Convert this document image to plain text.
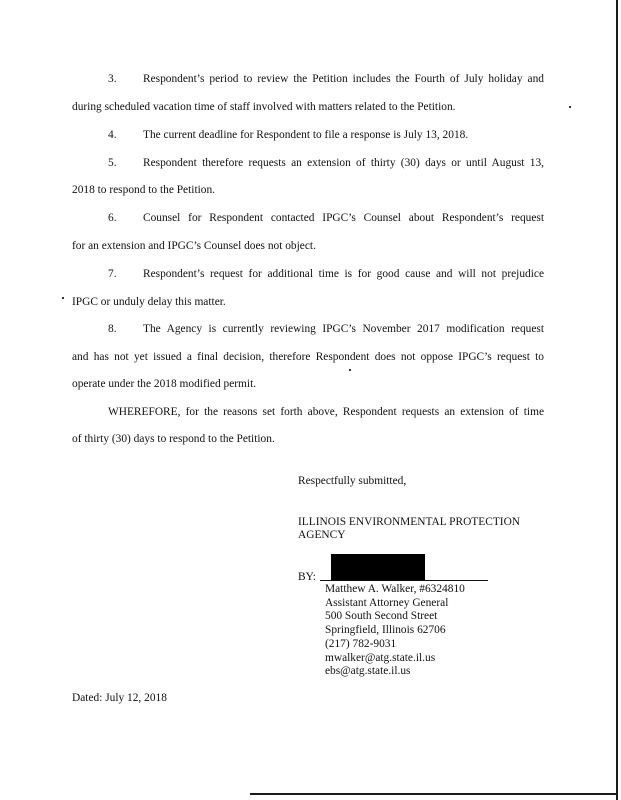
3. Respondent’s period to review the Petition includes the Fourth of July holiday and
during scheduled vacation time of staff involved with matters related to the Petition.
4. The current deadline for Respondent to file a response is July 13, 2018.
5. Respondent therefore requests an extension of thirty (30) days or until August 13,
2018 to respond to the Petition.
6. Counsel for Respondent contacted IPGC’s Counsel about Respondent’s request
for an extension and IPGC’s Counsel does not object.
7. Respondent’s request for additional time is for good cause and will not prejudice
IPGC or unduly delay this matter.
8. The Agency is currently reviewing IPGC’s November 2017 modification request
and has not yet issued a final decision, therefore Respondent does not oppose IPGC’s request to
operate under the 2018 modified permit.
WHEREFORE, for the reasons set forth above, Respondent requests an extension of time
of thirty (30) days to respond to the Petition.
Respectfully submitted,
ILLINOIS ENVIRONMENTAL PROTECTION
AGENCY
BY:
Matthew A. Walker, #6324810
Assistant Attorney General
500 South Second Street
Springfield, Illinois 62706
(217) 782-9031
mwalker@atg.state.il.us
ebs@atg.state.il.us
Dated: July 12, 2018
